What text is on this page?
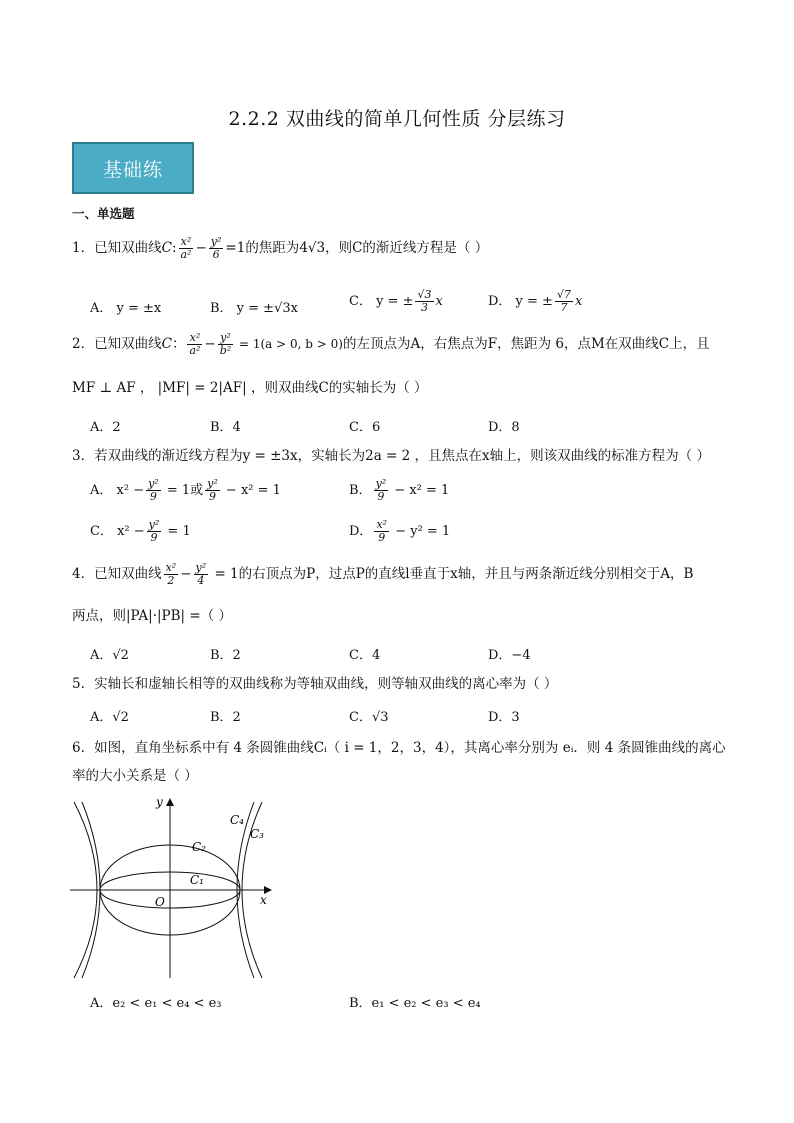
2.2.2 双曲线的简单几何性质 分层练习
基础练
一、单选题
1．已知双曲线C: $\frac{\text{x²}}{\text{a²}} - \frac{\text{y²}}{6} =1$的焦距为4√3，则C的渐近线方程是（ ）
A． y = ±x	B． y = ±√3x	C． y = ± $\frac{√3}{3}$ x	D． y = ± $\frac{√7}{7}$ x
2．已知双曲线C： $\frac{\text{x²}}{\text{a²}} - \frac{\text{y²}}{\text{b²}} = 1(a > 0$, b > 0)的左顶点为A，右焦点为F，焦距为 6，点M在双曲线C上，且
MF ⊥ AF ， |MF| = 2|AF| ，则双曲线C的实轴长为（ ）
A．2	B．4	C．6	D．8
3．若双曲线的渐近线方程为y = ±3x，实轴长为2a = 2 ，且焦点在x轴上，则该双曲线的标准方程为（ ）
A． $x^2 - \frac{\text{y²}}{9} = 1$或 $\frac{\text{y²}}{9} - x^2 = 1$	B． $\frac{\text{y²}}{9} - x^2 = 1$
C． $x^2 - \frac{\text{y²}}{9} = 1$	D． $\frac{\text{x²}}{9} - y^2 = 1$
4．已知双曲线 $\frac{\text{x²}}{2} - \frac{\text{y²}}{4} = 1$的右顶点为P，过点P的直线l垂直于x轴，并且与两条渐近线分别相交于A，B
两点，则|PA|·|PB| =（ ）
A．√2	B．2	C．4	D．−4
5．实轴长和虚轴长相等的双曲线称为等轴双曲线，则等轴双曲线的离心率为（ ）
A．√2	B．2	C．√3	D．3
6．如图，直角坐标系中有 4 条圆锥曲线Cᵢ（ i = 1，2，3，4），其离心率分别为 eᵢ．则 4 条圆锥曲线的离心
率的大小关系是（ ）
y
x
O
C₁
C₂
C₃
C₄
A．e₂ < e₁ < e₄ < e₃	B．e₁ < e₂ < e₃ < e₄
